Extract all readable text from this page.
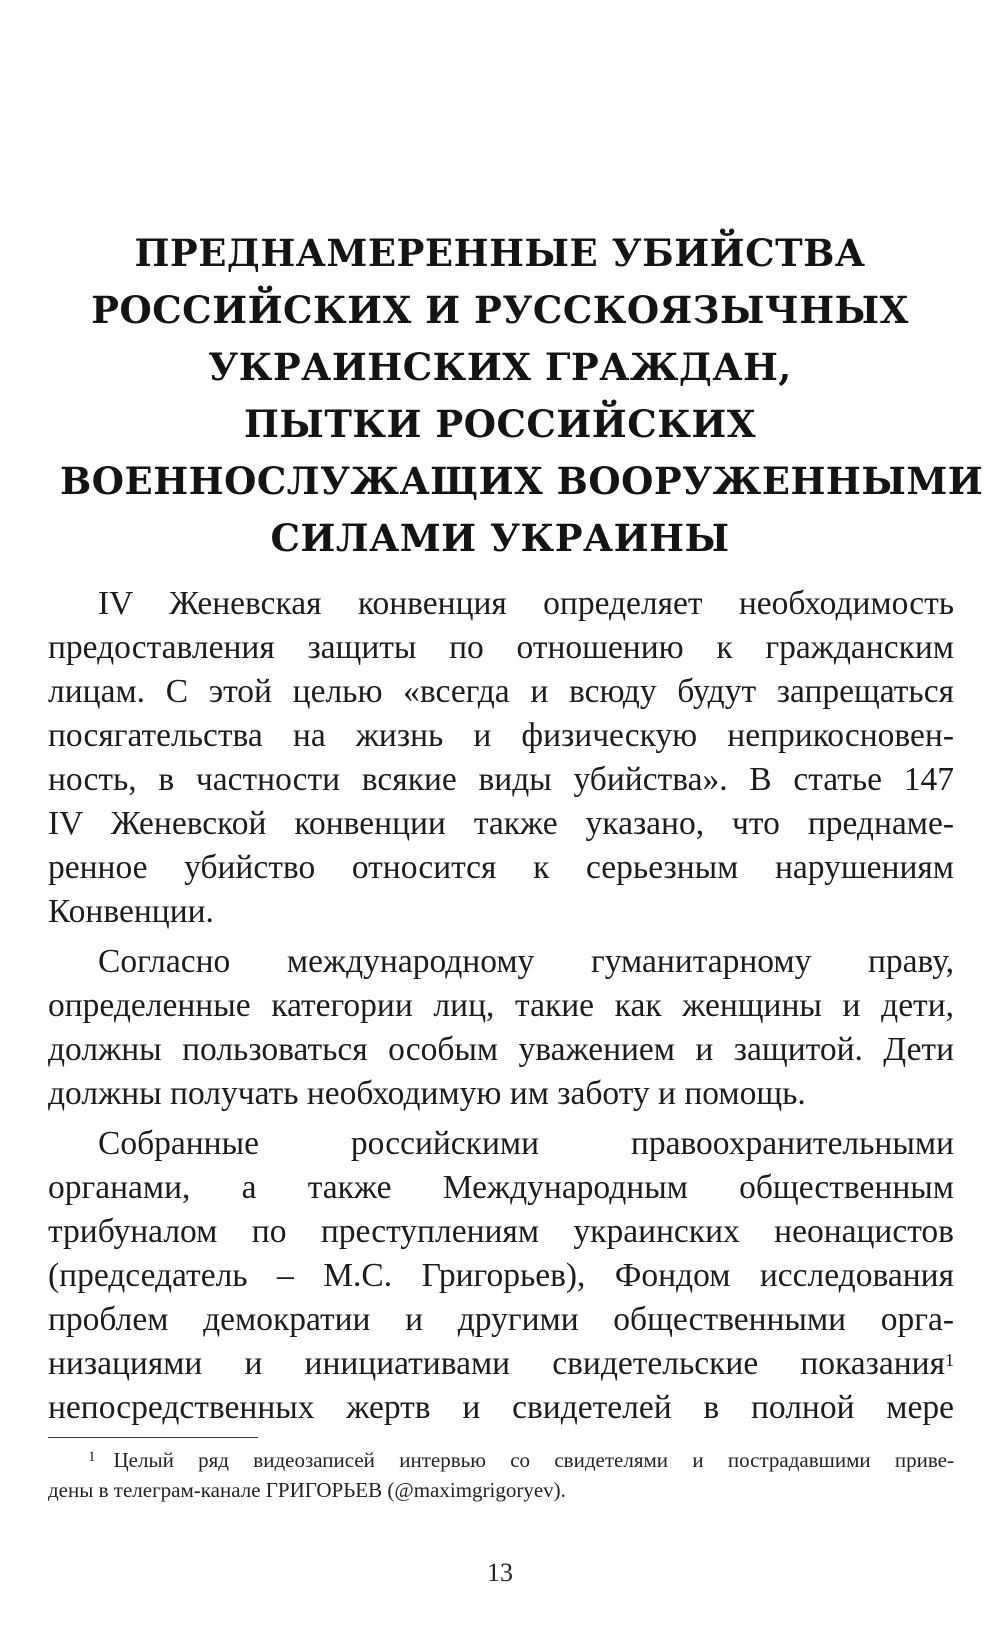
ПРЕДНАМЕРЕННЫЕ УБИЙСТВА
РОССИЙСКИХ И РУССКОЯЗЫЧНЫХ
УКРАИНСКИХ ГРАЖДАН,
ПЫТКИ РОССИЙСКИХ
ВОЕННОСЛУЖАЩИХ ВООРУЖЕННЫМИ
СИЛАМИ УКРАИНЫ
IV Женевская конвенция определяет необходимость
предоставления защиты по отношению к гражданским
лицам. С этой целью «всегда и всюду будут запрещаться
посягательства на жизнь и физическую неприкосновен-
ность, в частности всякие виды убийства». В статье 147
IV Женевской конвенции также указано, что преднаме-
ренное убийство относится к серьезным нарушениям
Конвенции.
Согласно международному гуманитарному праву,
определенные категории лиц, такие как женщины и дети,
должны пользоваться особым уважением и защитой. Дети
должны получать необходимую им заботу и помощь.
Собранные российскими правоохранительными
органами, а также Международным общественным
трибуналом по преступлениям украинских неонацистов
(председатель – М.С. Григорьев), Фондом исследования
проблем демократии и другими общественными орга-
низациями и инициативами свидетельские показания$^1$
непосредственных жертв и свидетелей в полной мере
$^1$ Целый ряд видеозаписей интервью со свидетелями и пострадавшими приве-
дены в телеграм-канале ГРИГОРЬЕВ (@maximgrigoryev).
13
